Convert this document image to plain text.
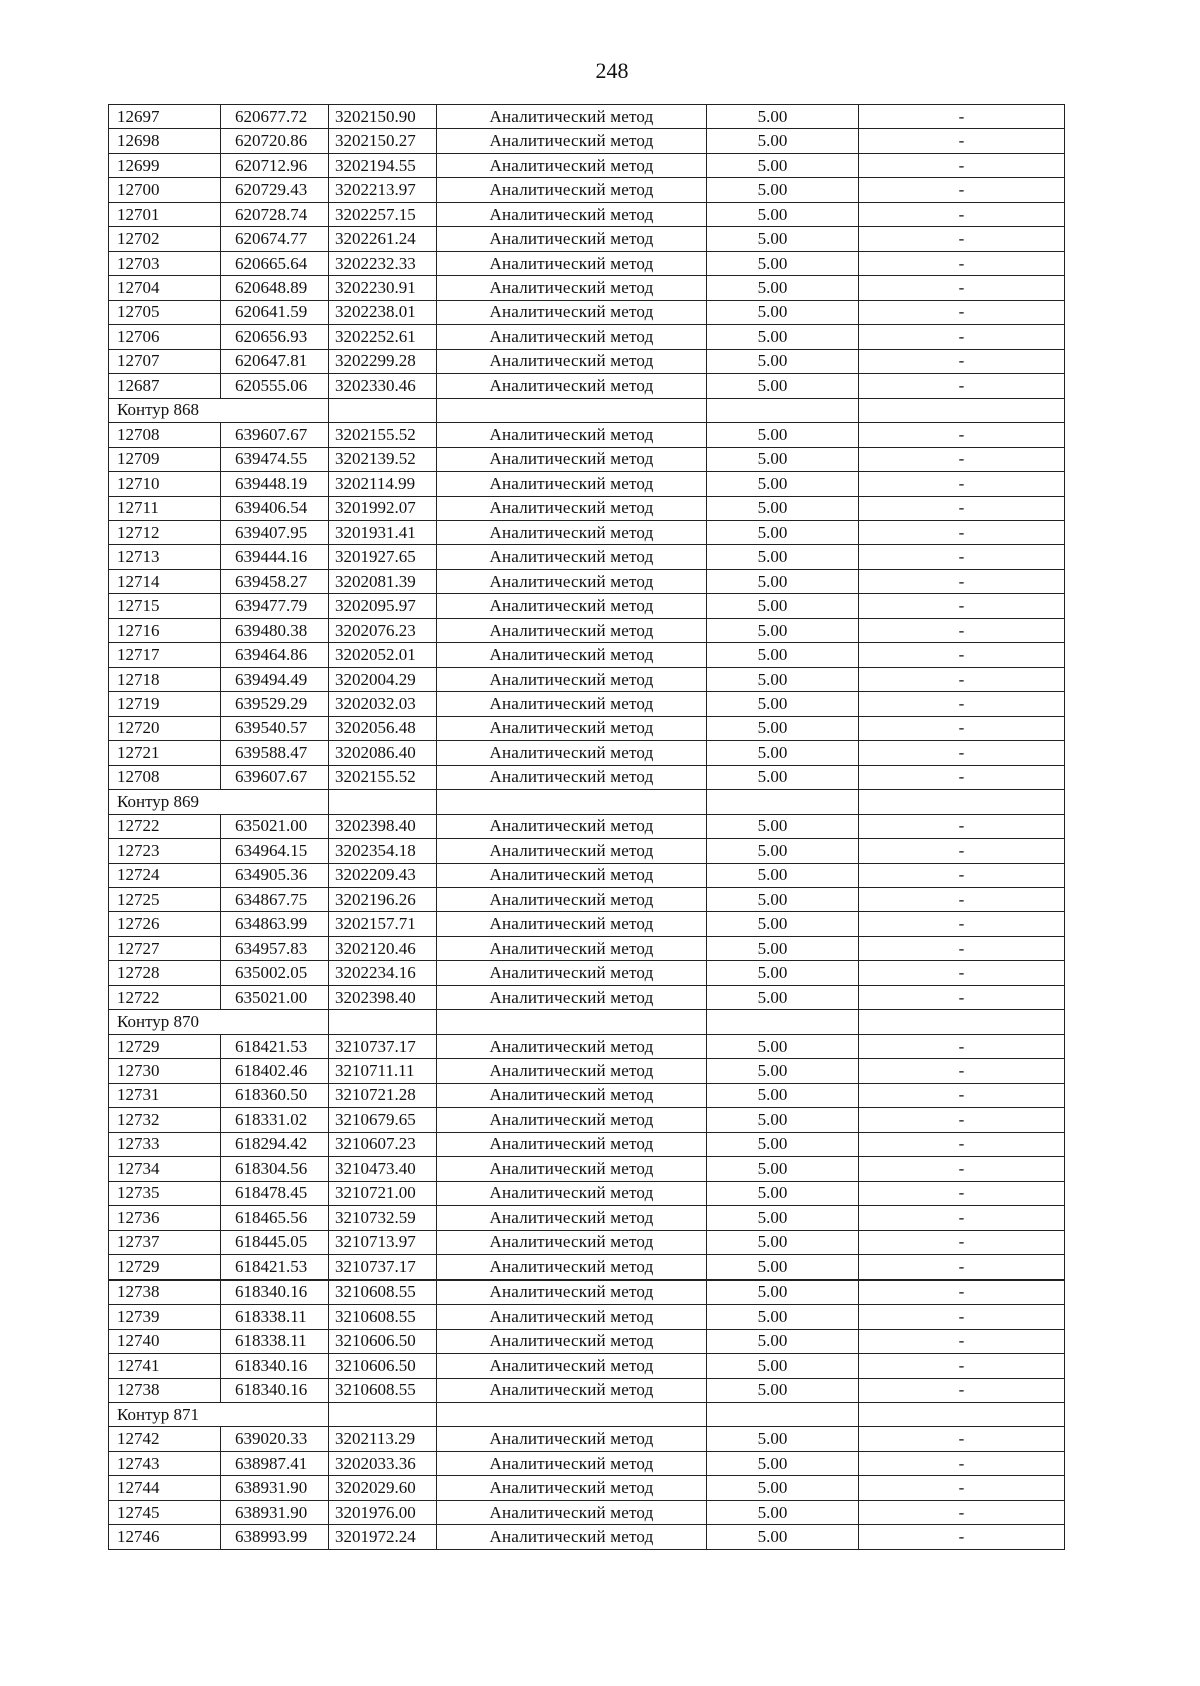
248
12697	620677.72	3202150.90	Аналитический метод	5.00	-
12698	620720.86	3202150.27	Аналитический метод	5.00	-
12699	620712.96	3202194.55	Аналитический метод	5.00	-
12700	620729.43	3202213.97	Аналитический метод	5.00	-
12701	620728.74	3202257.15	Аналитический метод	5.00	-
12702	620674.77	3202261.24	Аналитический метод	5.00	-
12703	620665.64	3202232.33	Аналитический метод	5.00	-
12704	620648.89	3202230.91	Аналитический метод	5.00	-
12705	620641.59	3202238.01	Аналитический метод	5.00	-
12706	620656.93	3202252.61	Аналитический метод	5.00	-
12707	620647.81	3202299.28	Аналитический метод	5.00	-
12687	620555.06	3202330.46	Аналитический метод	5.00	-
Контур 868					
12708	639607.67	3202155.52	Аналитический метод	5.00	-
12709	639474.55	3202139.52	Аналитический метод	5.00	-
12710	639448.19	3202114.99	Аналитический метод	5.00	-
12711	639406.54	3201992.07	Аналитический метод	5.00	-
12712	639407.95	3201931.41	Аналитический метод	5.00	-
12713	639444.16	3201927.65	Аналитический метод	5.00	-
12714	639458.27	3202081.39	Аналитический метод	5.00	-
12715	639477.79	3202095.97	Аналитический метод	5.00	-
12716	639480.38	3202076.23	Аналитический метод	5.00	-
12717	639464.86	3202052.01	Аналитический метод	5.00	-
12718	639494.49	3202004.29	Аналитический метод	5.00	-
12719	639529.29	3202032.03	Аналитический метод	5.00	-
12720	639540.57	3202056.48	Аналитический метод	5.00	-
12721	639588.47	3202086.40	Аналитический метод	5.00	-
12708	639607.67	3202155.52	Аналитический метод	5.00	-
Контур 869					
12722	635021.00	3202398.40	Аналитический метод	5.00	-
12723	634964.15	3202354.18	Аналитический метод	5.00	-
12724	634905.36	3202209.43	Аналитический метод	5.00	-
12725	634867.75	3202196.26	Аналитический метод	5.00	-
12726	634863.99	3202157.71	Аналитический метод	5.00	-
12727	634957.83	3202120.46	Аналитический метод	5.00	-
12728	635002.05	3202234.16	Аналитический метод	5.00	-
12722	635021.00	3202398.40	Аналитический метод	5.00	-
Контур 870					
12729	618421.53	3210737.17	Аналитический метод	5.00	-
12730	618402.46	3210711.11	Аналитический метод	5.00	-
12731	618360.50	3210721.28	Аналитический метод	5.00	-
12732	618331.02	3210679.65	Аналитический метод	5.00	-
12733	618294.42	3210607.23	Аналитический метод	5.00	-
12734	618304.56	3210473.40	Аналитический метод	5.00	-
12735	618478.45	3210721.00	Аналитический метод	5.00	-
12736	618465.56	3210732.59	Аналитический метод	5.00	-
12737	618445.05	3210713.97	Аналитический метод	5.00	-
12729	618421.53	3210737.17	Аналитический метод	5.00	-

12738	618340.16	3210608.55	Аналитический метод	5.00	-
12739	618338.11	3210608.55	Аналитический метод	5.00	-
12740	618338.11	3210606.50	Аналитический метод	5.00	-
12741	618340.16	3210606.50	Аналитический метод	5.00	-
12738	618340.16	3210608.55	Аналитический метод	5.00	-
Контур 871					
12742	639020.33	3202113.29	Аналитический метод	5.00	-
12743	638987.41	3202033.36	Аналитический метод	5.00	-
12744	638931.90	3202029.60	Аналитический метод	5.00	-
12745	638931.90	3201976.00	Аналитический метод	5.00	-
12746	638993.99	3201972.24	Аналитический метод	5.00	-
